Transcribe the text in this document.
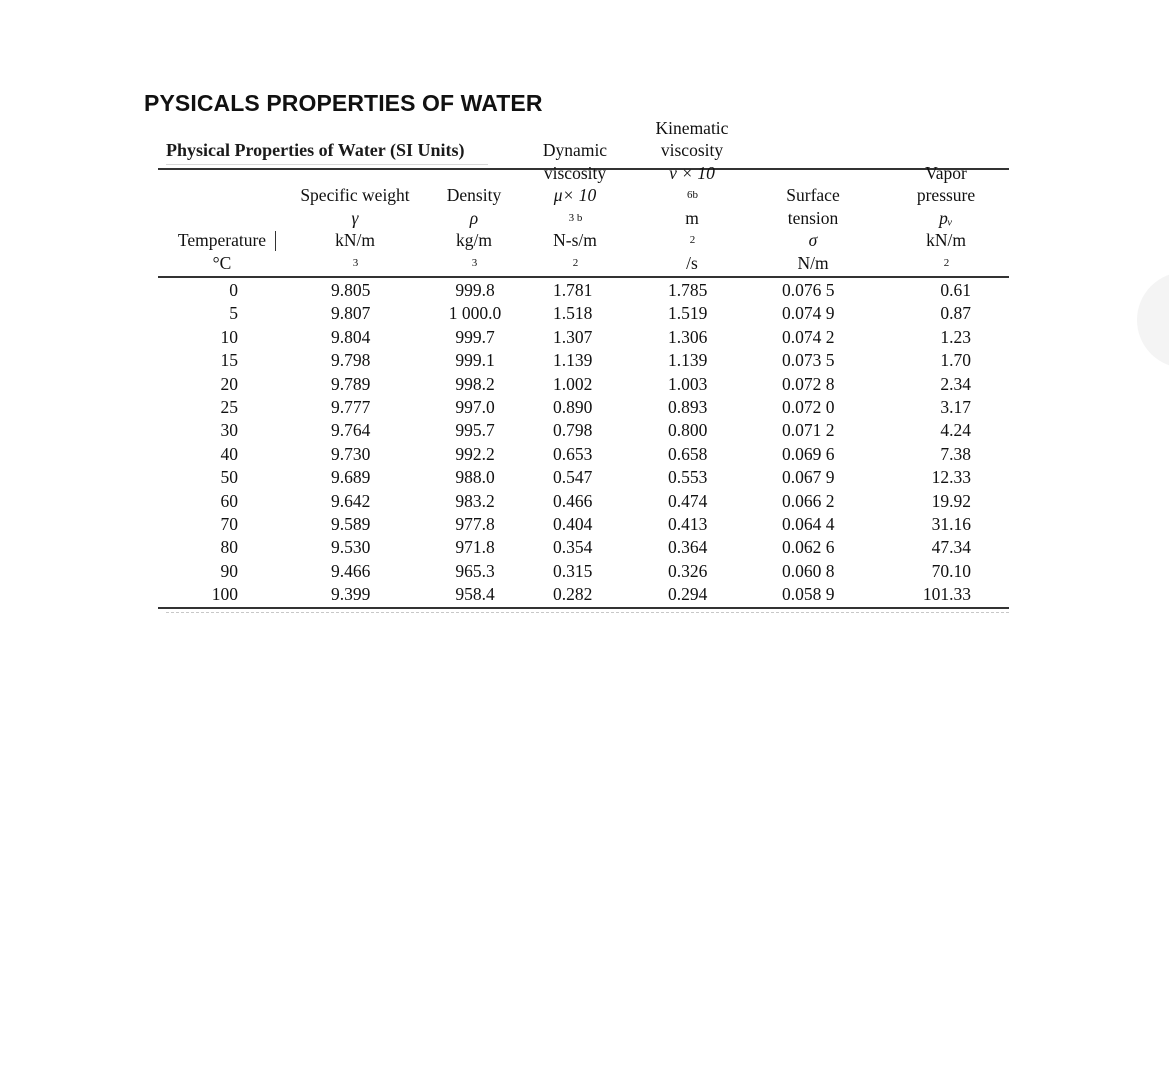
PYSICALS PROPERTIES OF WATER
Physical Properties of Water (SI Units)
Temperature
°C
Specific weight
γ
kN/m
3
Density
ρ
kg/m
3
Dynamic
viscosity
μ× 10
3 b
N-s/m
2
Kinematic
viscosity
ν × 10
6b
m
2
/s
Surface
tension
σ
N/m
Vapor
pressure
pᵥ
kN/m
2
0
5
10
15
20
25
30
40
50
60
70
80
90
100
9.805
9.807
9.804
9.798
9.789
9.777
9.764
9.730
9.689
9.642
9.589
9.530
9.466
9.399
999.8
1 000.0
999.7
999.1
998.2
997.0
995.7
992.2
988.0
983.2
977.8
971.8
965.3
958.4
1.781
1.518
1.307
1.139
1.002
0.890
0.798
0.653
0.547
0.466
0.404
0.354
0.315
0.282
1.785
1.519
1.306
1.139
1.003
0.893
0.800
0.658
0.553
0.474
0.413
0.364
0.326
0.294
0.076 5
0.074 9
0.074 2
0.073 5
0.072 8
0.072 0
0.071 2
0.069 6
0.067 9
0.066 2
0.064 4
0.062 6
0.060 8
0.058 9
0.61
0.87
1.23
1.70
2.34
3.17
4.24
7.38
12.33
19.92
31.16
47.34
70.10
101.33
